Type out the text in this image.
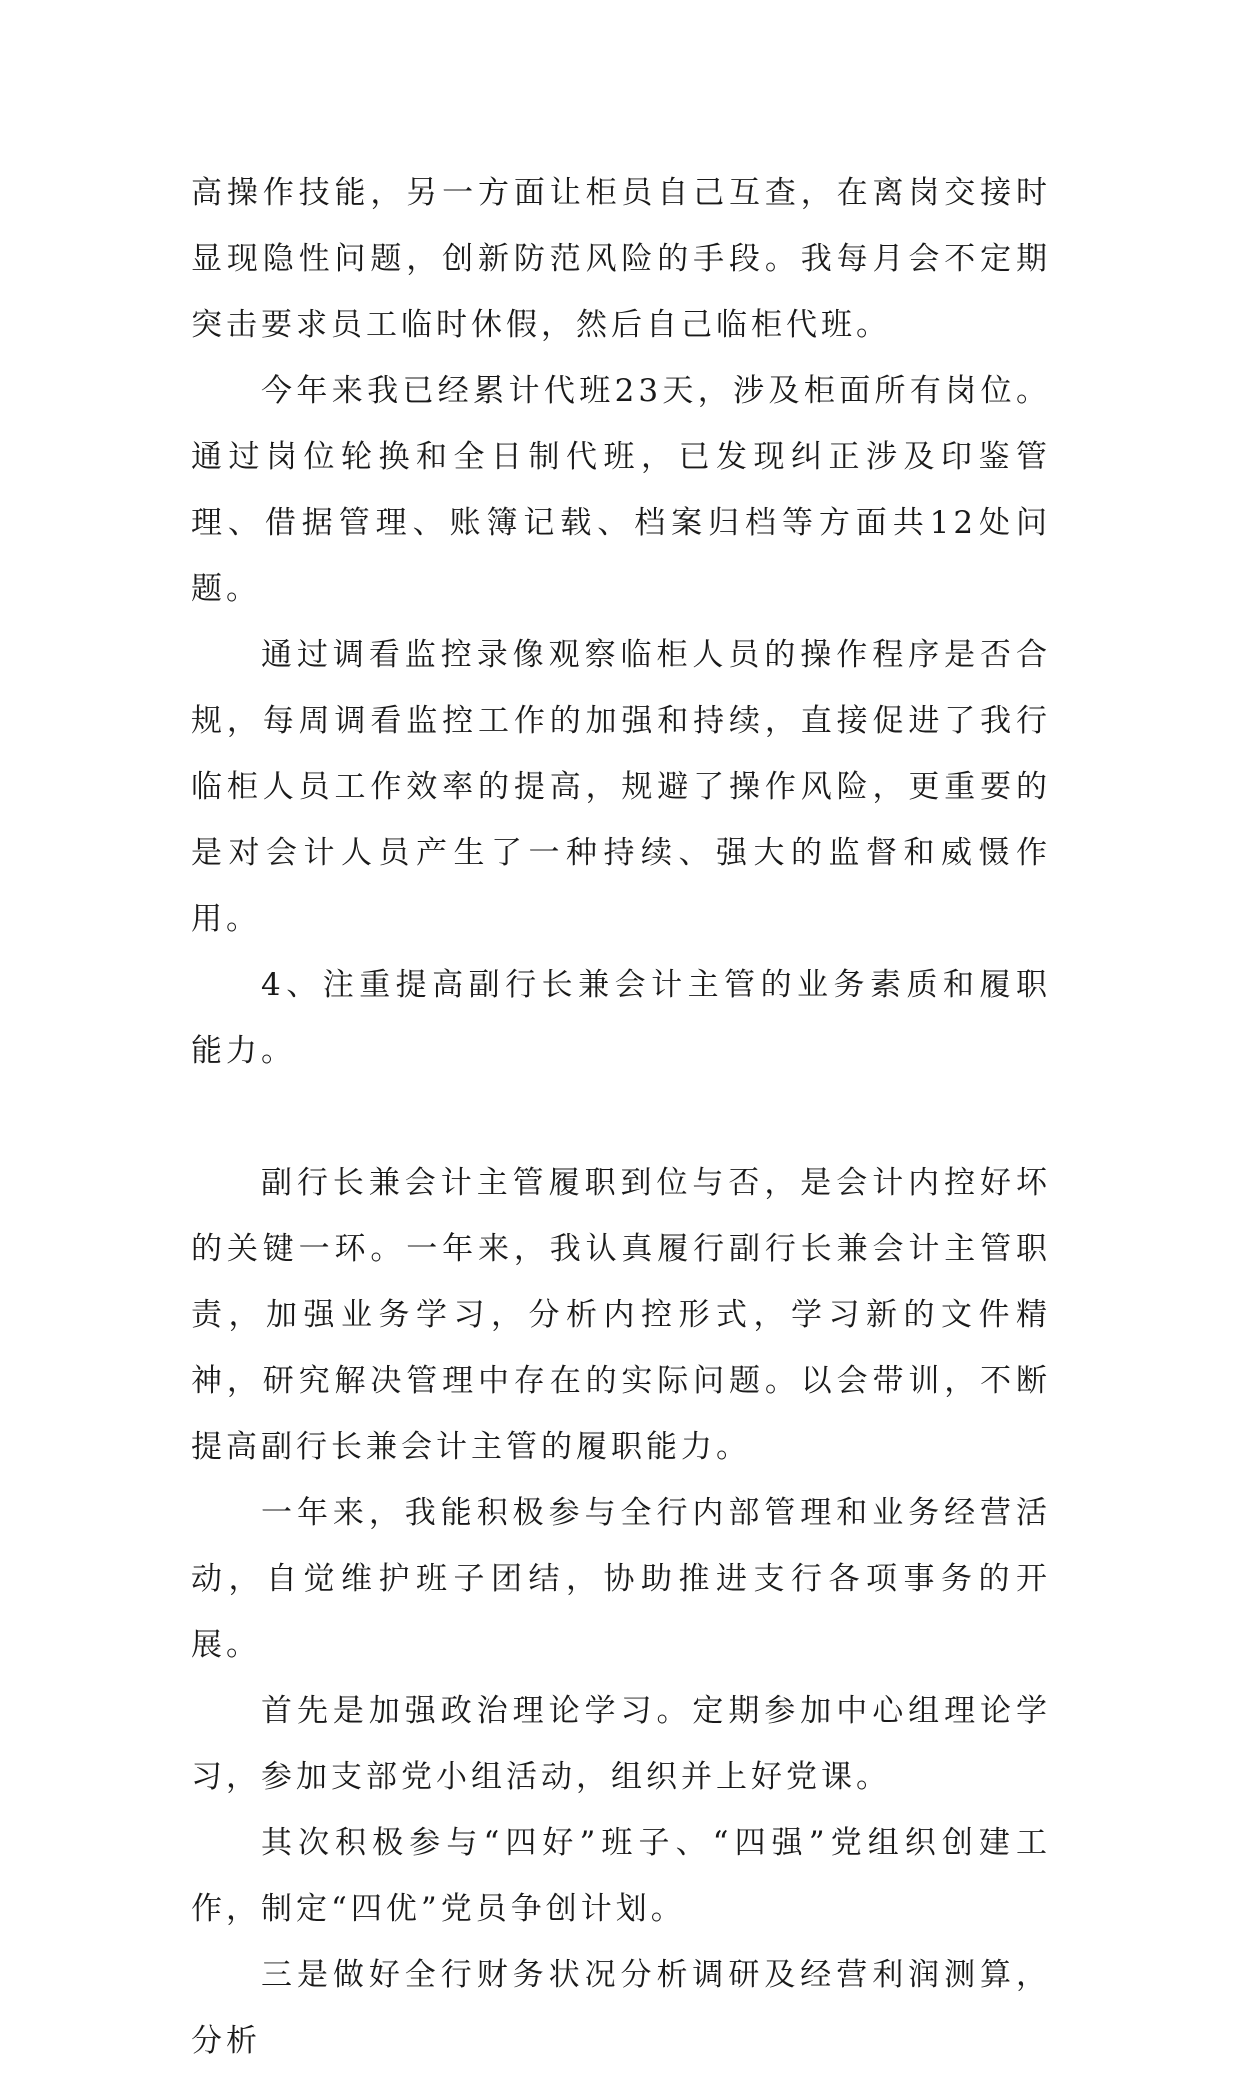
高操作技能，另一方面让柜员自己互查，在离岗交接时显现隐性问题，创新防范风险的手段。我每月会不定期突击要求员工临时休假，然后自己临柜代班。

今年来我已经累计代班23天，涉及柜面所有岗位。通过岗位轮换和全日制代班，已发现纠正涉及印鉴管理、借据管理、账簿记载、档案归档等方面共12处问题。

通过调看监控录像观察临柜人员的操作程序是否合规，每周调看监控工作的加强和持续，直接促进了我行临柜人员工作效率的提高，规避了操作风险，更重要的是对会计人员产生了一种持续、强大的监督和威慑作用。

4、注重提高副行长兼会计主管的业务素质和履职能力。

副行长兼会计主管履职到位与否，是会计内控好坏的关键一环。一年来，我认真履行副行长兼会计主管职责，加强业务学习，分析内控形式，学习新的文件精神，研究解决管理中存在的实际问题。以会带训，不断提高副行长兼会计主管的履职能力。

一年来，我能积极参与全行内部管理和业务经营活动，自觉维护班子团结，协助推进支行各项事务的开展。

首先是加强政治理论学习。定期参加中心组理论学习，参加支部党小组活动，组织并上好党课。

其次积极参与“四好”班子、“四强”党组织创建工作，制定“四优”党员争创计划。

三是做好全行财务状况分析调研及经营利润测算，分析
